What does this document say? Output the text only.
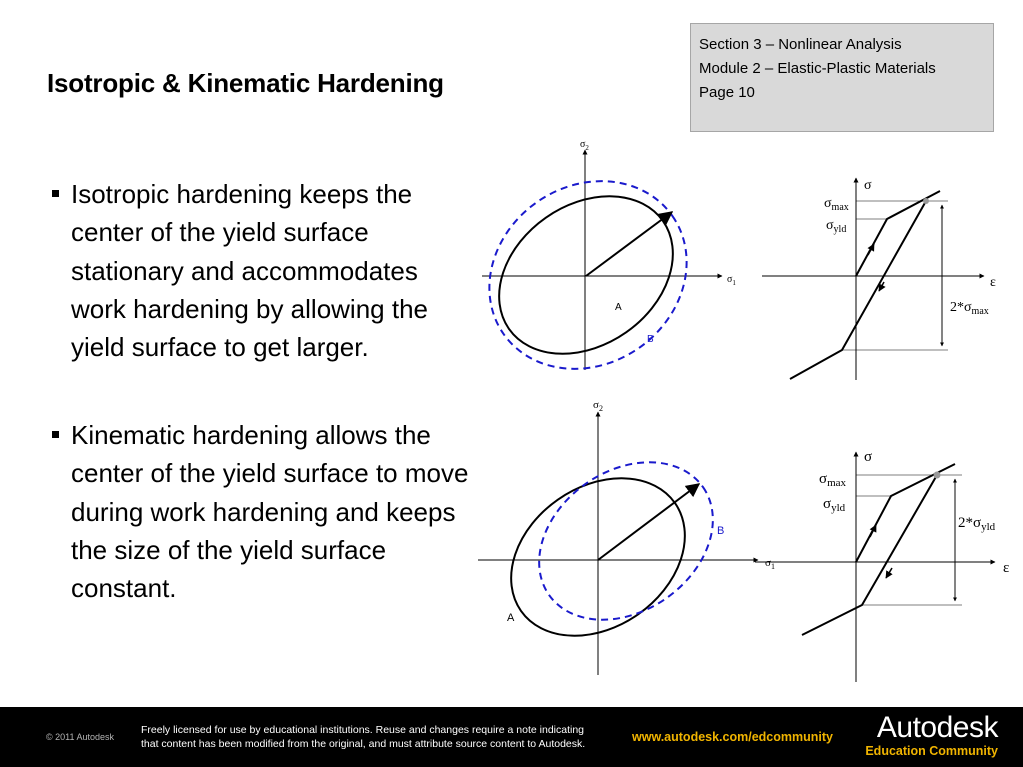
Isotropic & Kinematic Hardening
Section 3 – Nonlinear Analysis
Module 2 – Elastic-Plastic Materials
Page 10
Isotropic hardening keeps the center of the yield surface stationary and accommodates work hardening by allowing the yield surface to get larger.
Kinematic hardening allows the center of the yield surface to move during work hardening and keeps the size of the yield surface constant.
$\sigma_2$
$\sigma_1$
A
B
σ
ε
$\sigma_{max}$
$\sigma_{yld}$
$2*\sigma_{max}$
$\sigma_2$
$\sigma_1$
A
B
σ
ε
$\sigma_{max}$
$\sigma_{yld}$
$2*\sigma_{yld}$
© 2011 Autodesk
Freely licensed for use by educational institutions. Reuse and changes require a note indicating
that content has been modified from the original, and must attribute source content to Autodesk.	www.autodesk.com/edcommunity	Autodesk
Education Community
